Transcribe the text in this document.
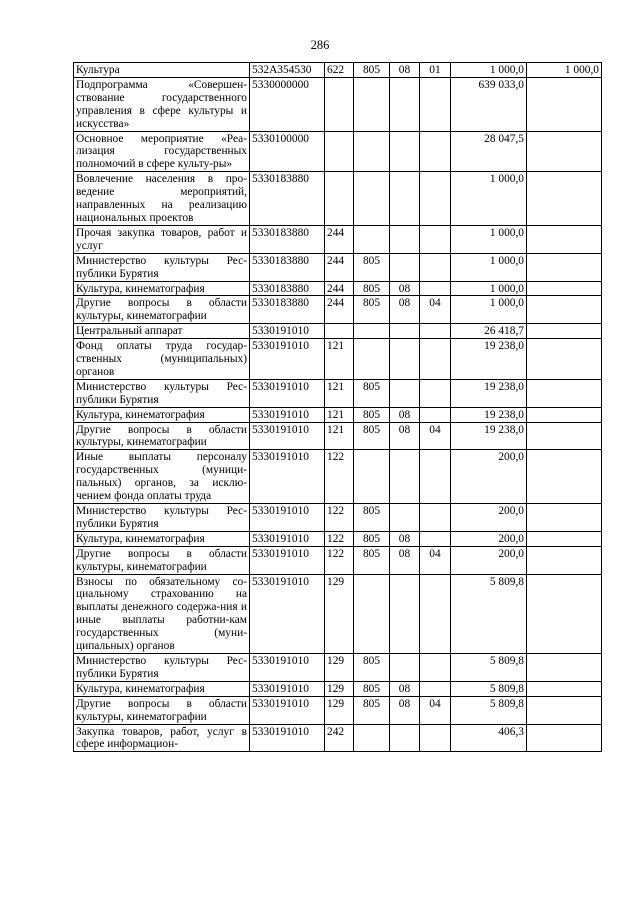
286
Культура	532А354530	622	805	08	01	1 000,0	1 000,0
Подпрограмма «Совершен-ствование государственного управления в сфере культуры и искусства»	5330000000					639 033,0	
Основное мероприятие «Реа-лизация государственных полномочий в сфере культу-ры»	5330100000					28 047,5	
Вовлечение населения в про-ведение мероприятий, направленных на реализацию национальных проектов	5330183880					1 000,0	
Прочая закупка товаров, работ и услуг	5330183880	244				1 000,0	
Министерство культуры Рес-публики Бурятия	5330183880	244	805			1 000,0	
Культура, кинематография	5330183880	244	805	08		1 000,0	
Другие вопросы в области культуры, кинематографии	5330183880	244	805	08	04	1 000,0	
Центральный аппарат	5330191010					26 418,7	
Фонд оплаты труда государ-ственных (муниципальных) органов	5330191010	121				19 238,0	
Министерство культуры Рес-публики Бурятия	5330191010	121	805			19 238,0	
Культура, кинематография	5330191010	121	805	08		19 238,0	
Другие вопросы в области культуры, кинематографии	5330191010	121	805	08	04	19 238,0	
Иные выплаты персоналу государственных (муници-пальных) органов, за исклю-чением фонда оплаты труда	5330191010	122				200,0	
Министерство культуры Рес-публики Бурятия	5330191010	122	805			200,0	
Культура, кинематография	5330191010	122	805	08		200,0	
Другие вопросы в области культуры, кинематографии	5330191010	122	805	08	04	200,0	
Взносы по обязательному со-циальному страхованию на выплаты денежного содержа-ния и иные выплаты работни-кам государственных (муни-ципальных) органов	5330191010	129				5 809,8	
Министерство культуры Рес-публики Бурятия	5330191010	129	805			5 809,8	
Культура, кинематография	5330191010	129	805	08		5 809,8	
Другие вопросы в области культуры, кинематографии	5330191010	129	805	08	04	5 809,8	
Закупка товаров, работ, услуг в сфере информацион-	5330191010	242				406,3	
